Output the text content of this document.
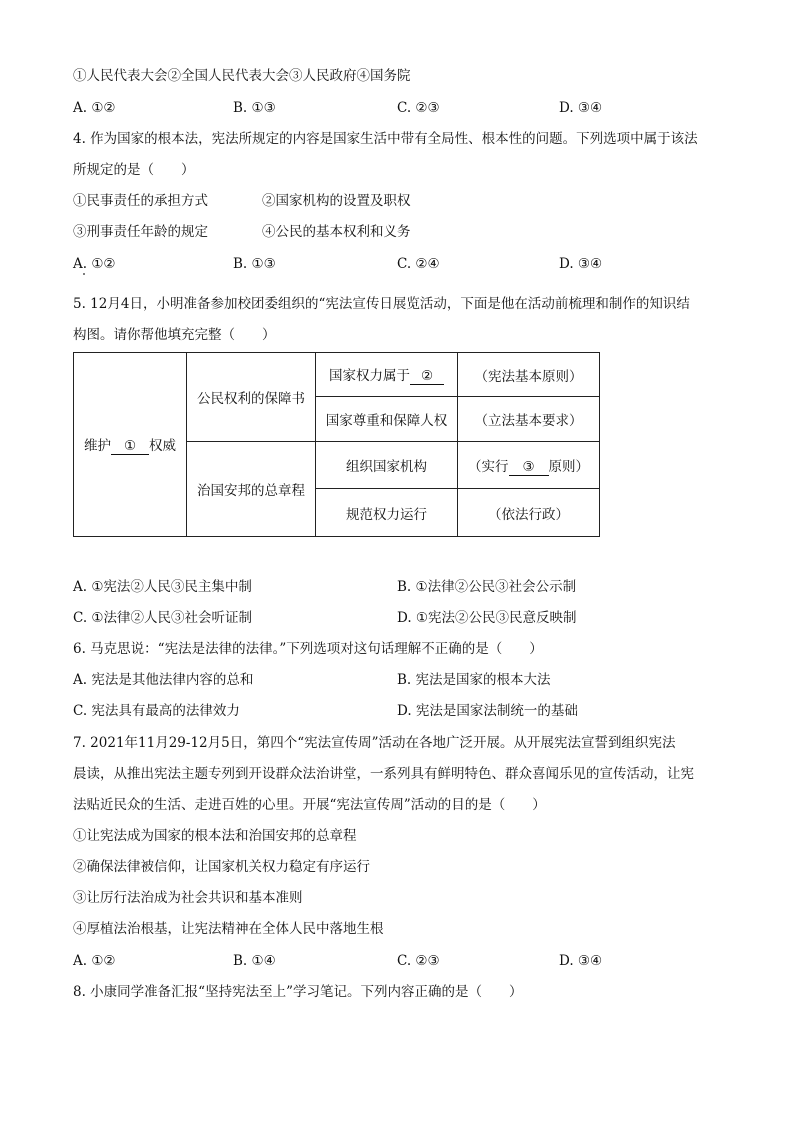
①人民代表大会②全国人民代表大会③人民政府④国务院
A. ①②	B. ①③	C. ②③	D. ③④
4. 作为国家的根本法，宪法所规定的内容是国家生活中带有全局性、根本性的问题。下列选项中属于该法
所规定的是（　　）
①民事责任的承担方式	②国家机构的设置及职权
③刑事责任年龄的规定	④公民的基本权利和义务
A. ①②	B. ①③	C. ②④	D. ③④
5. 12月4日，小明准备参加校团委组织的“宪法宣传日展览活动，下面是他在活动前梳理和制作的知识结
构图。请你帮他填充完整（　　）
维护 ① 权威	公民权利的保障书	国家权力属于 ②	（宪法基本原则）
		国家尊重和保障人权	（立法基本要求）
	治国安邦的总章程	组织国家机构	（实行 ③ 原则）
		规范权力运行	（依法行政）
A. ①宪法②人民③民主集中制	B. ①法律②公民③社会公示制
C. ①法律②人民③社会听证制	D. ①宪法②公民③民意反映制
6. 马克思说：“宪法是法律的法律。”下列选项对这句话理解不正确的是（　　）
A. 宪法是其他法律内容的总和	B. 宪法是国家的根本大法
C. 宪法具有最高的法律效力	D. 宪法是国家法制统一的基础
7. 2021年11月29-12月5日，第四个“宪法宣传周”活动在各地广泛开展。从开展宪法宣誓到组织宪法
晨读，从推出宪法主题专列到开设群众法治讲堂，一系列具有鲜明特色、群众喜闻乐见的宣传活动，让宪
法贴近民众的生活、走进百姓的心里。开展“宪法宣传周”活动的目的是（　　）
①让宪法成为国家的根本法和治国安邦的总章程
②确保法律被信仰，让国家机关权力稳定有序运行
③让厉行法治成为社会共识和基本准则
④厚植法治根基，让宪法精神在全体人民中落地生根
A. ①②	B. ①④	C. ②③	D. ③④
8. 小康同学准备汇报“坚持宪法至上”学习笔记。下列内容正确的是（　　）
